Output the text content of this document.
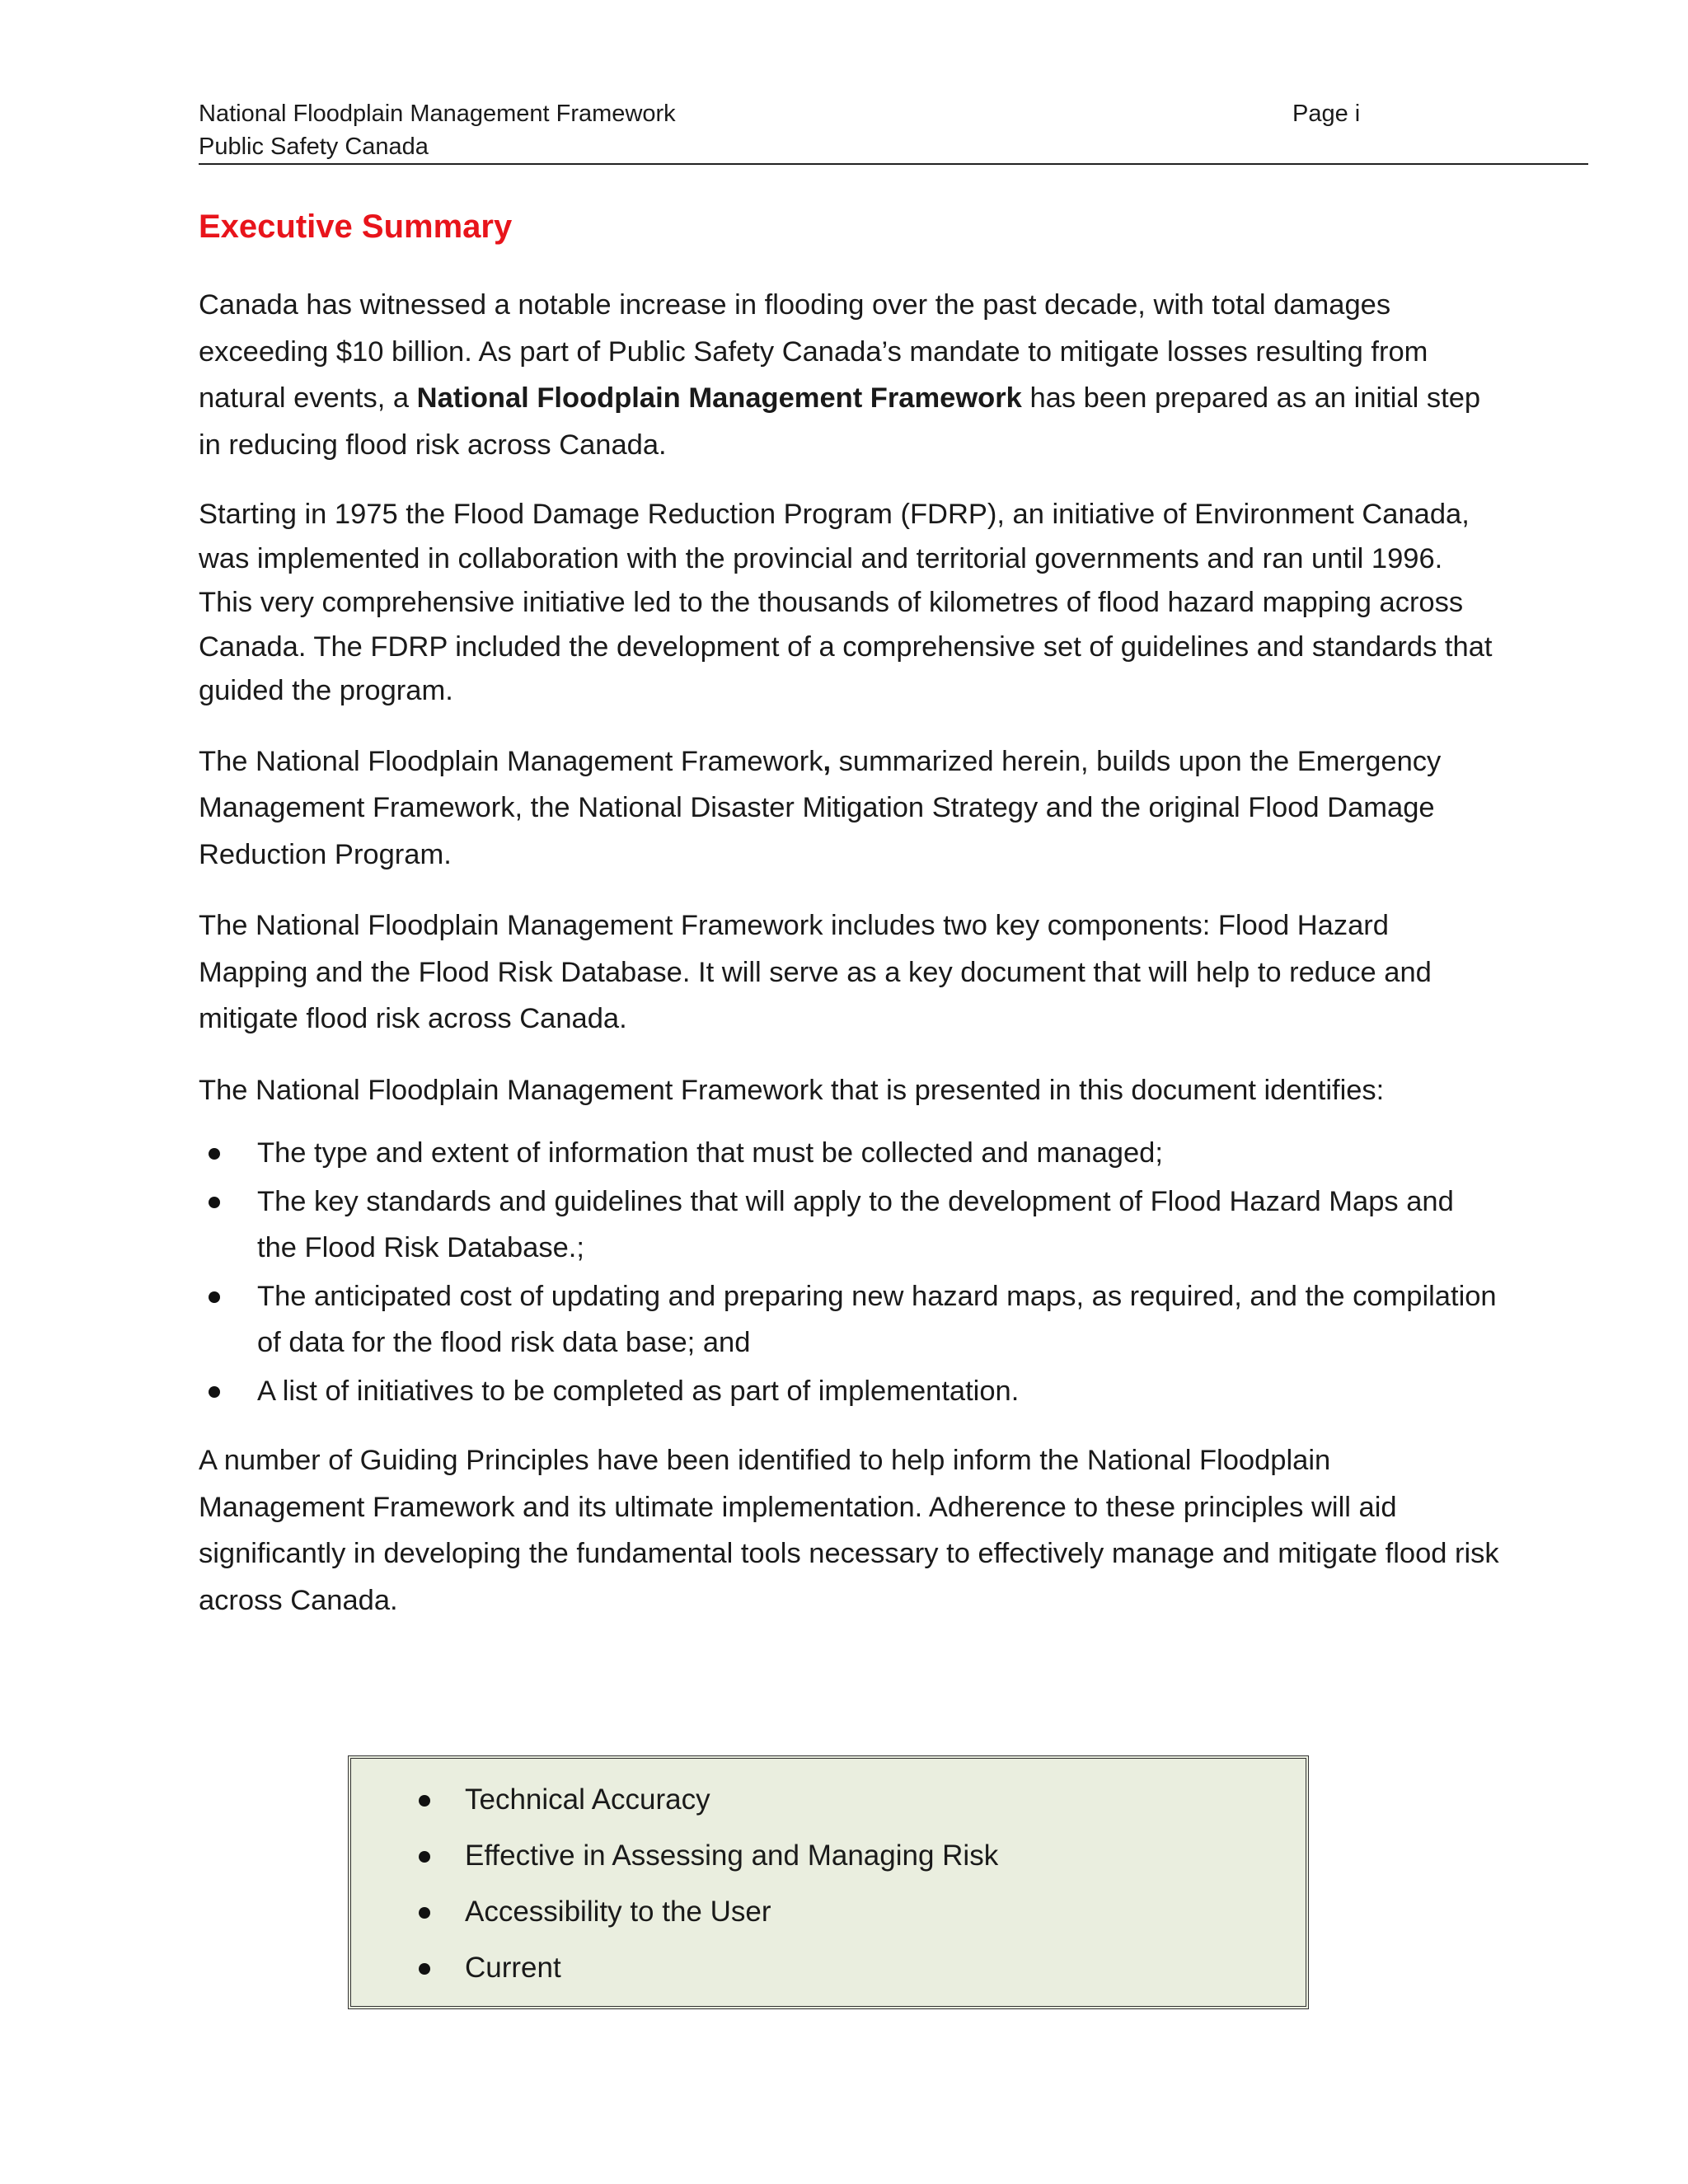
National Floodplain Management Framework
Public Safety Canada
Page i
Executive Summary

Canada has witnessed a notable increase in flooding over the past decade, with total damages exceeding $10 billion. As part of Public Safety Canada’s mandate to mitigate losses resulting from natural events, a National Floodplain Management Framework has been prepared as an initial step in reducing flood risk across Canada.

Starting in 1975 the Flood Damage Reduction Program (FDRP), an initiative of Environment Canada, was implemented in collaboration with the provincial and territorial governments and ran until 1996. This very comprehensive initiative led to the thousands of kilometres of flood hazard mapping across Canada. The FDRP included the development of a comprehensive set of guidelines and standards that guided the program.

The National Floodplain Management Framework, summarized herein, builds upon the Emergency Management Framework, the National Disaster Mitigation Strategy and the original Flood Damage Reduction Program.

The National Floodplain Management Framework includes two key components: Flood Hazard Mapping and the Flood Risk Database. It will serve as a key document that will help to reduce and mitigate flood risk across Canada.

The National Floodplain Management Framework that is presented in this document identifies:

The type and extent of information that must be collected and managed;
The key standards and guidelines that will apply to the development of Flood Hazard Maps and the Flood Risk Database.;
The anticipated cost of updating and preparing new hazard maps, as required, and the compilation of data for the flood risk data base; and
A list of initiatives to be completed as part of implementation.

A number of Guiding Principles have been identified to help inform the National Floodplain Management Framework and its ultimate implementation. Adherence to these principles will aid significantly in developing the fundamental tools necessary to effectively manage and mitigate flood risk across Canada.

Technical Accuracy
Effective in Assessing and Managing Risk
Accessibility to the User
Current
